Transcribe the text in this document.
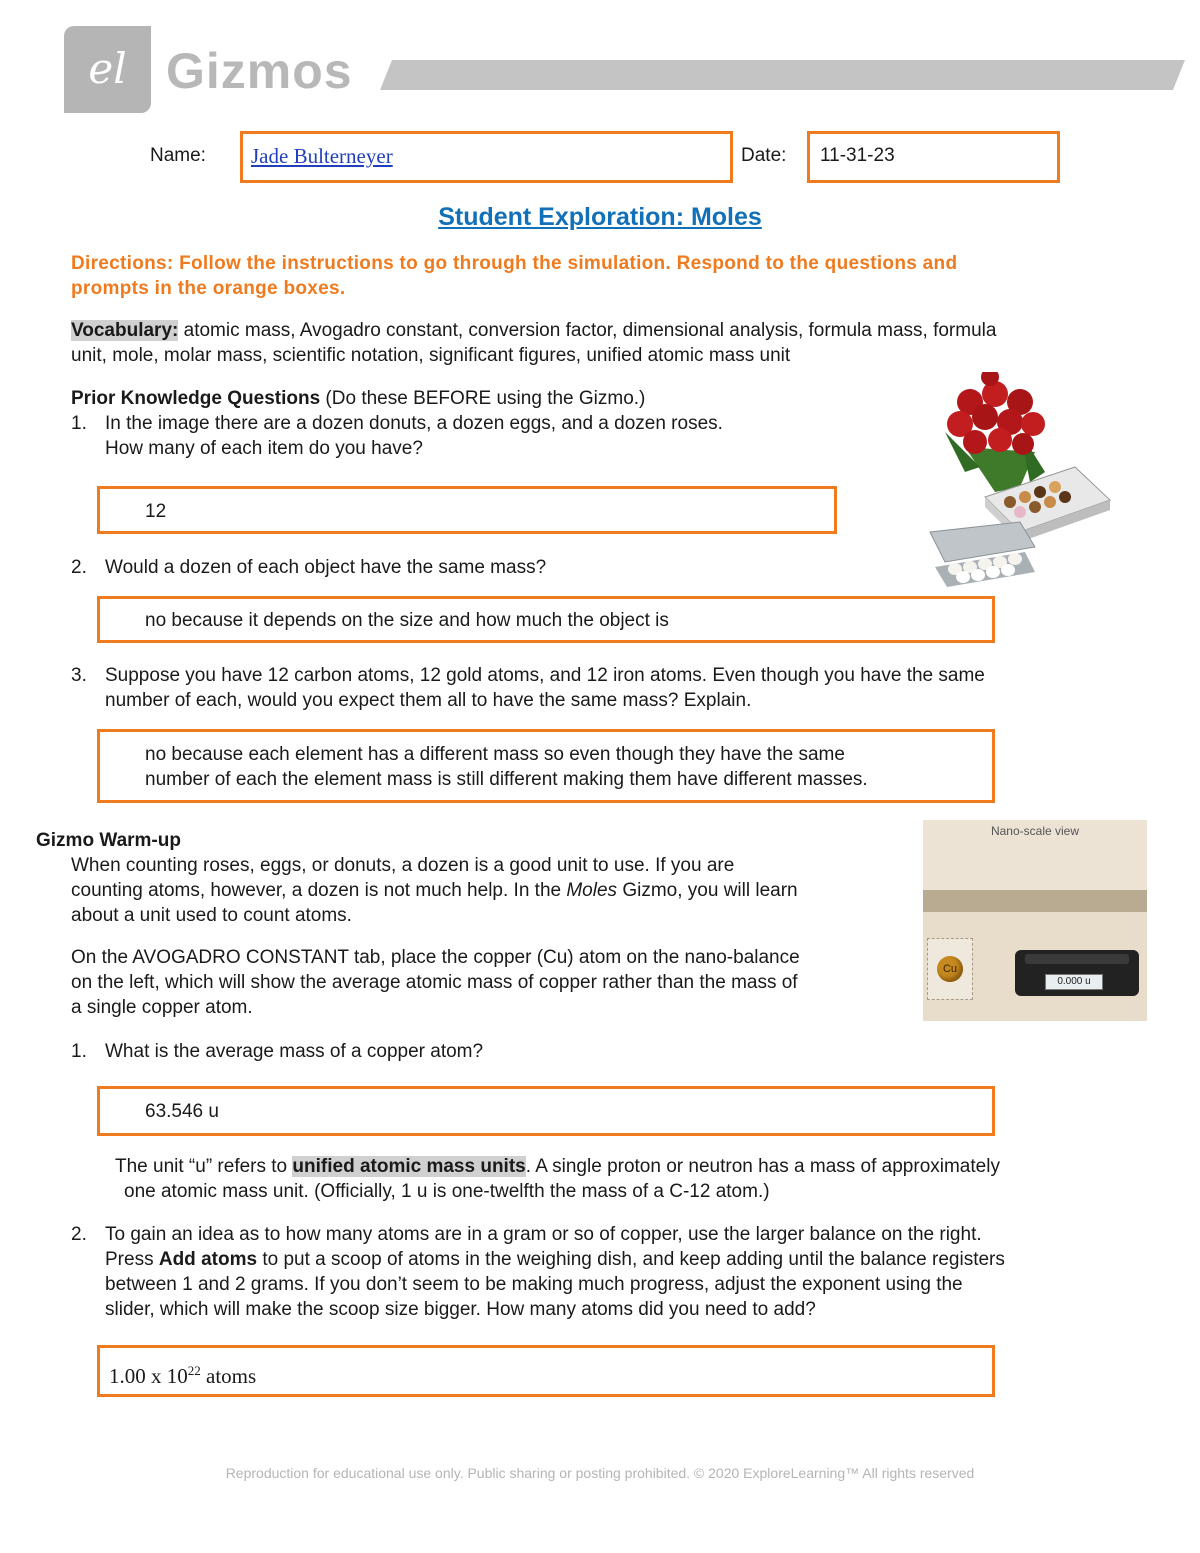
el Gizmos
Name: Jade Bulterneyer	Date: 11-31-23
Student Exploration: Moles
Directions: Follow the instructions to go through the simulation. Respond to the questions and
prompts in the orange boxes.
Vocabulary: atomic mass, Avogadro constant, conversion factor, dimensional analysis, formula mass, formula
unit, mole, molar mass, scientific notation, significant figures, unified atomic mass unit
Prior Knowledge Questions (Do these BEFORE using the Gizmo.)
1. In the image there are a dozen donuts, a dozen eggs, and a dozen roses.
How many of each item do you have?
12
2. Would a dozen of each object have the same mass?
no because it depends on the size and how much the object is
3. Suppose you have 12 carbon atoms, 12 gold atoms, and 12 iron atoms. Even though you have the same
number of each, would you expect them all to have the same mass? Explain.
no because each element has a different mass so even though they have the same
number of each the element mass is still different making them have different masses.
Gizmo Warm-up
When counting roses, eggs, or donuts, a dozen is a good unit to use. If you are
counting atoms, however, a dozen is not much help. In the Moles Gizmo, you will learn
about a unit used to count atoms.
On the AVOGADRO CONSTANT tab, place the copper (Cu) atom on the nano-balance
on the left, which will show the average atomic mass of copper rather than the mass of
a single copper atom.
Nano-scale view
Cu
0.000 u
1. What is the average mass of a copper atom?
63.546 u
The unit “u” refers to unified atomic mass units. A single proton or neutron has a mass of approximately
one atomic mass unit. (Officially, 1 u is one-twelfth the mass of a C-12 atom.)
2. To gain an idea as to how many atoms are in a gram or so of copper, use the larger balance on the right.
Press Add atoms to put a scoop of atoms in the weighing dish, and keep adding until the balance registers
between 1 and 2 grams. If you don’t seem to be making much progress, adjust the exponent using the
slider, which will make the scoop size bigger. How many atoms did you need to add?
1.00 x $10^{22}$ atoms
Reproduction for educational use only. Public sharing or posting prohibited. © 2020 ExploreLearning™ All rights reserved
